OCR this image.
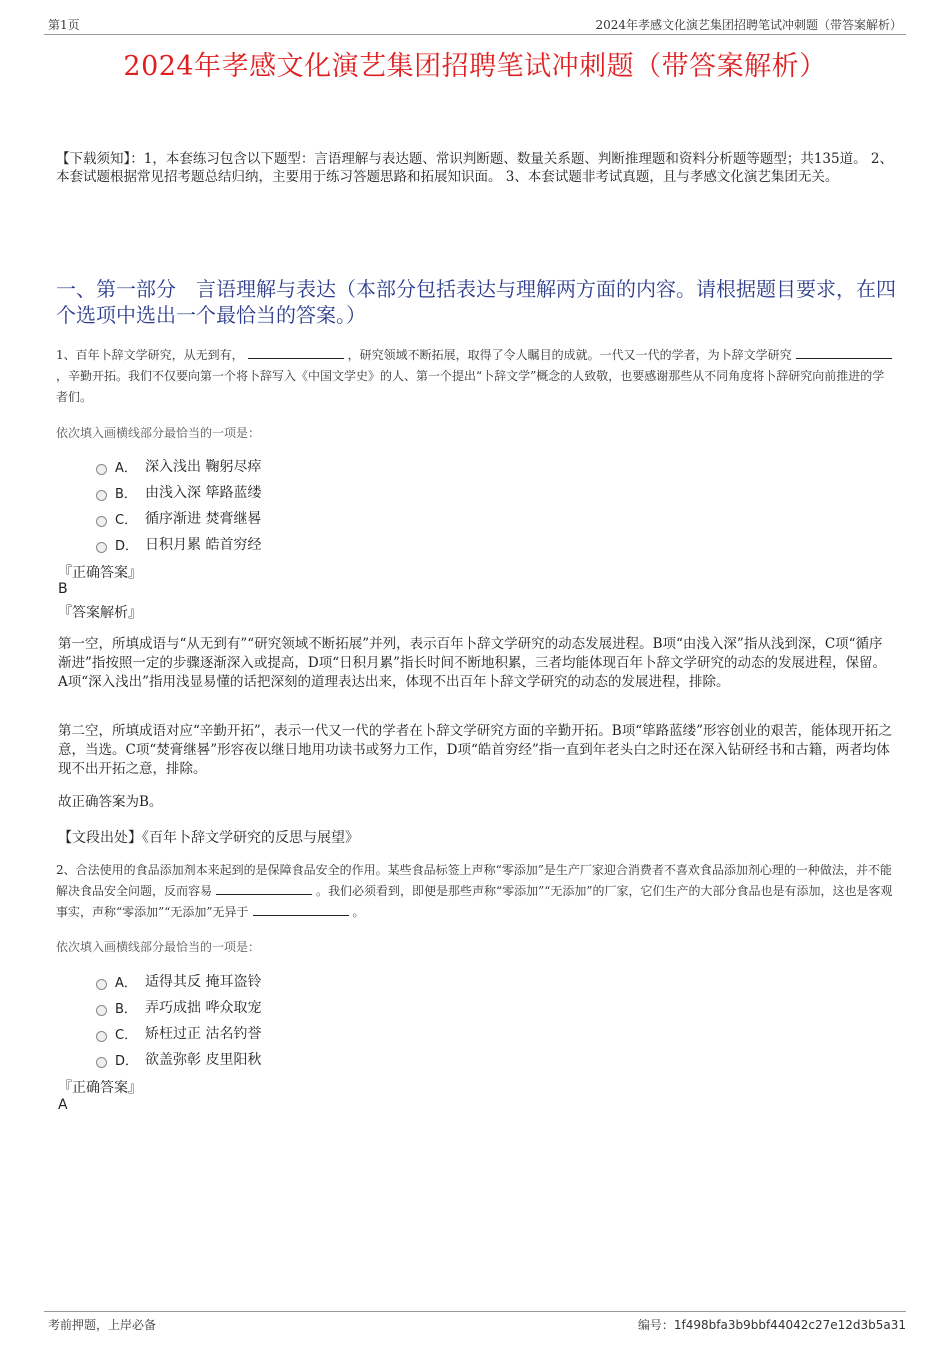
第1页	2024年孝感文化演艺集团招聘笔试冲刺题（带答案解析）
2024年孝感文化演艺集团招聘笔试冲刺题（带答案解析）
【下载须知】：1，本套练习包含以下题型：言语理解与表达题、常识判断题、数量关系题、判断推理题和资料分析题等题型；共135道。 2、本套试题根据常见招考题总结归纳，主要用于练习答题思路和拓展知识面。 3、本套试题非考试真题，且与孝感文化演艺集团无关。
一、第一部分　言语理解与表达（本部分包括表达与理解两方面的内容。请根据题目要求，在四个选项中选出一个最恰当的答案。）
1、百年卜辞文学研究，从无到有，	，研究领域不断拓展，取得了令人瞩目的成就。一代又一代的学者，为卜辞文学研究，辛勤开拓。我们不仅要向第一个将卜辞写入《中国文学史》的人、第一个提出“卜辞文学”概念的人致敬，也要感谢那些从不同角度将卜辞研究向前推进的学者们。
依次填入画横线部分最恰当的一项是：
A． 深入浅出 鞠躬尽瘁
B． 由浅入深 筚路蓝缕
C． 循序渐进 焚膏继晷
D． 日积月累 皓首穷经
『正确答案』
B
『答案解析』
第一空，所填成语与“从无到有”“研究领域不断拓展”并列，表示百年卜辞文学研究的动态发展进程。B项“由浅入深”指从浅到深，C项“循序渐进”指按照一定的步骤逐渐深入或提高，D项“日积月累”指长时间不断地积累，三者均能体现百年卜辞文学研究的动态的发展进程，保留。A项“深入浅出”指用浅显易懂的话把深刻的道理表达出来，体现不出百年卜辞文学研究的动态的发展进程，排除。
第二空，所填成语对应“辛勤开拓”，表示一代又一代的学者在卜辞文学研究方面的辛勤开拓。B项“筚路蓝缕”形容创业的艰苦，能体现开拓之意，当选。C项“焚膏继晷”形容夜以继日地用功读书或努力工作，D项“皓首穷经”指一直到年老头白之时还在深入钻研经书和古籍，两者均体现不出开拓之意，排除。
故正确答案为B。
【文段出处】《百年卜辞文学研究的反思与展望》
2、合法使用的食品添加剂本来起到的是保障食品安全的作用。某些食品标签上声称“零添加”是生产厂家迎合消费者不喜欢食品添加剂心理的一种做法，并不能解决食品安全问题，反而容易	。我们必须看到，即便是那些声称“零添加”“无添加”的厂家，它们生产的大部分食品也是有添加，这也是客观事实，声称“零添加”“无添加”无异于	。
依次填入画横线部分最恰当的一项是：
A． 适得其反 掩耳盗铃
B． 弄巧成拙 哗众取宠
C． 矫枉过正 沽名钓誉
D． 欲盖弥彰 皮里阳秋
『正确答案』
A
考前押题，上岸必备	编号：1f498bfa3b9bbf44042c27e12d3b5a31
